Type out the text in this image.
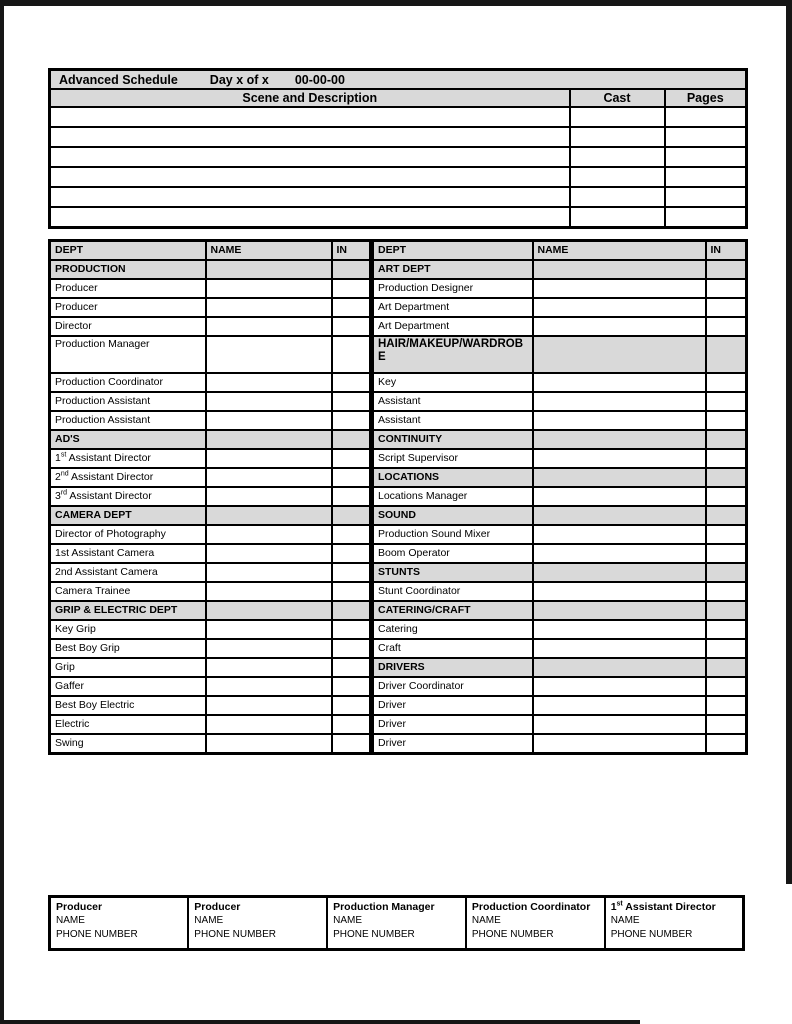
Advanced Schedule Day x of x 00-00-00		

Scene and Description	Cast	Pages

DEPT	NAME	IN	DEPT	NAME	IN
PRODUCTION			ART DEPT		
Producer			Production Designer		
Producer			Art Department		
Director			Art Department		
Production Manager			HAIR/MAKEUP/WARDROBE		
Production Coordinator			Key		
Production Assistant			Assistant		
Production Assistant			Assistant		
AD'S			CONTINUITY		
1st Assistant Director			Script Supervisor		
2nd Assistant Director			LOCATIONS		
3rd Assistant Director			Locations Manager		
CAMERA DEPT			SOUND		
Director of Photography			Production Sound Mixer		
1st Assistant Camera			Boom Operator		
2nd Assistant Camera			STUNTS		
Camera Trainee			Stunt Coordinator		
GRIP & ELECTRIC DEPT			CATERING/CRAFT		
Key Grip			Catering		
Best Boy Grip			Craft		
Grip			DRIVERS		
Gaffer			Driver Coordinator		
Best Boy Electric			Driver		
Electric			Driver		
Swing			Driver		
Producer
NAME
PHONE NUMBER

Producer
NAME
PHONE NUMBER

Production Manager
NAME
PHONE NUMBER

Production Coordinator
NAME
PHONE NUMBER

1st Assistant Director
NAME
PHONE NUMBER
